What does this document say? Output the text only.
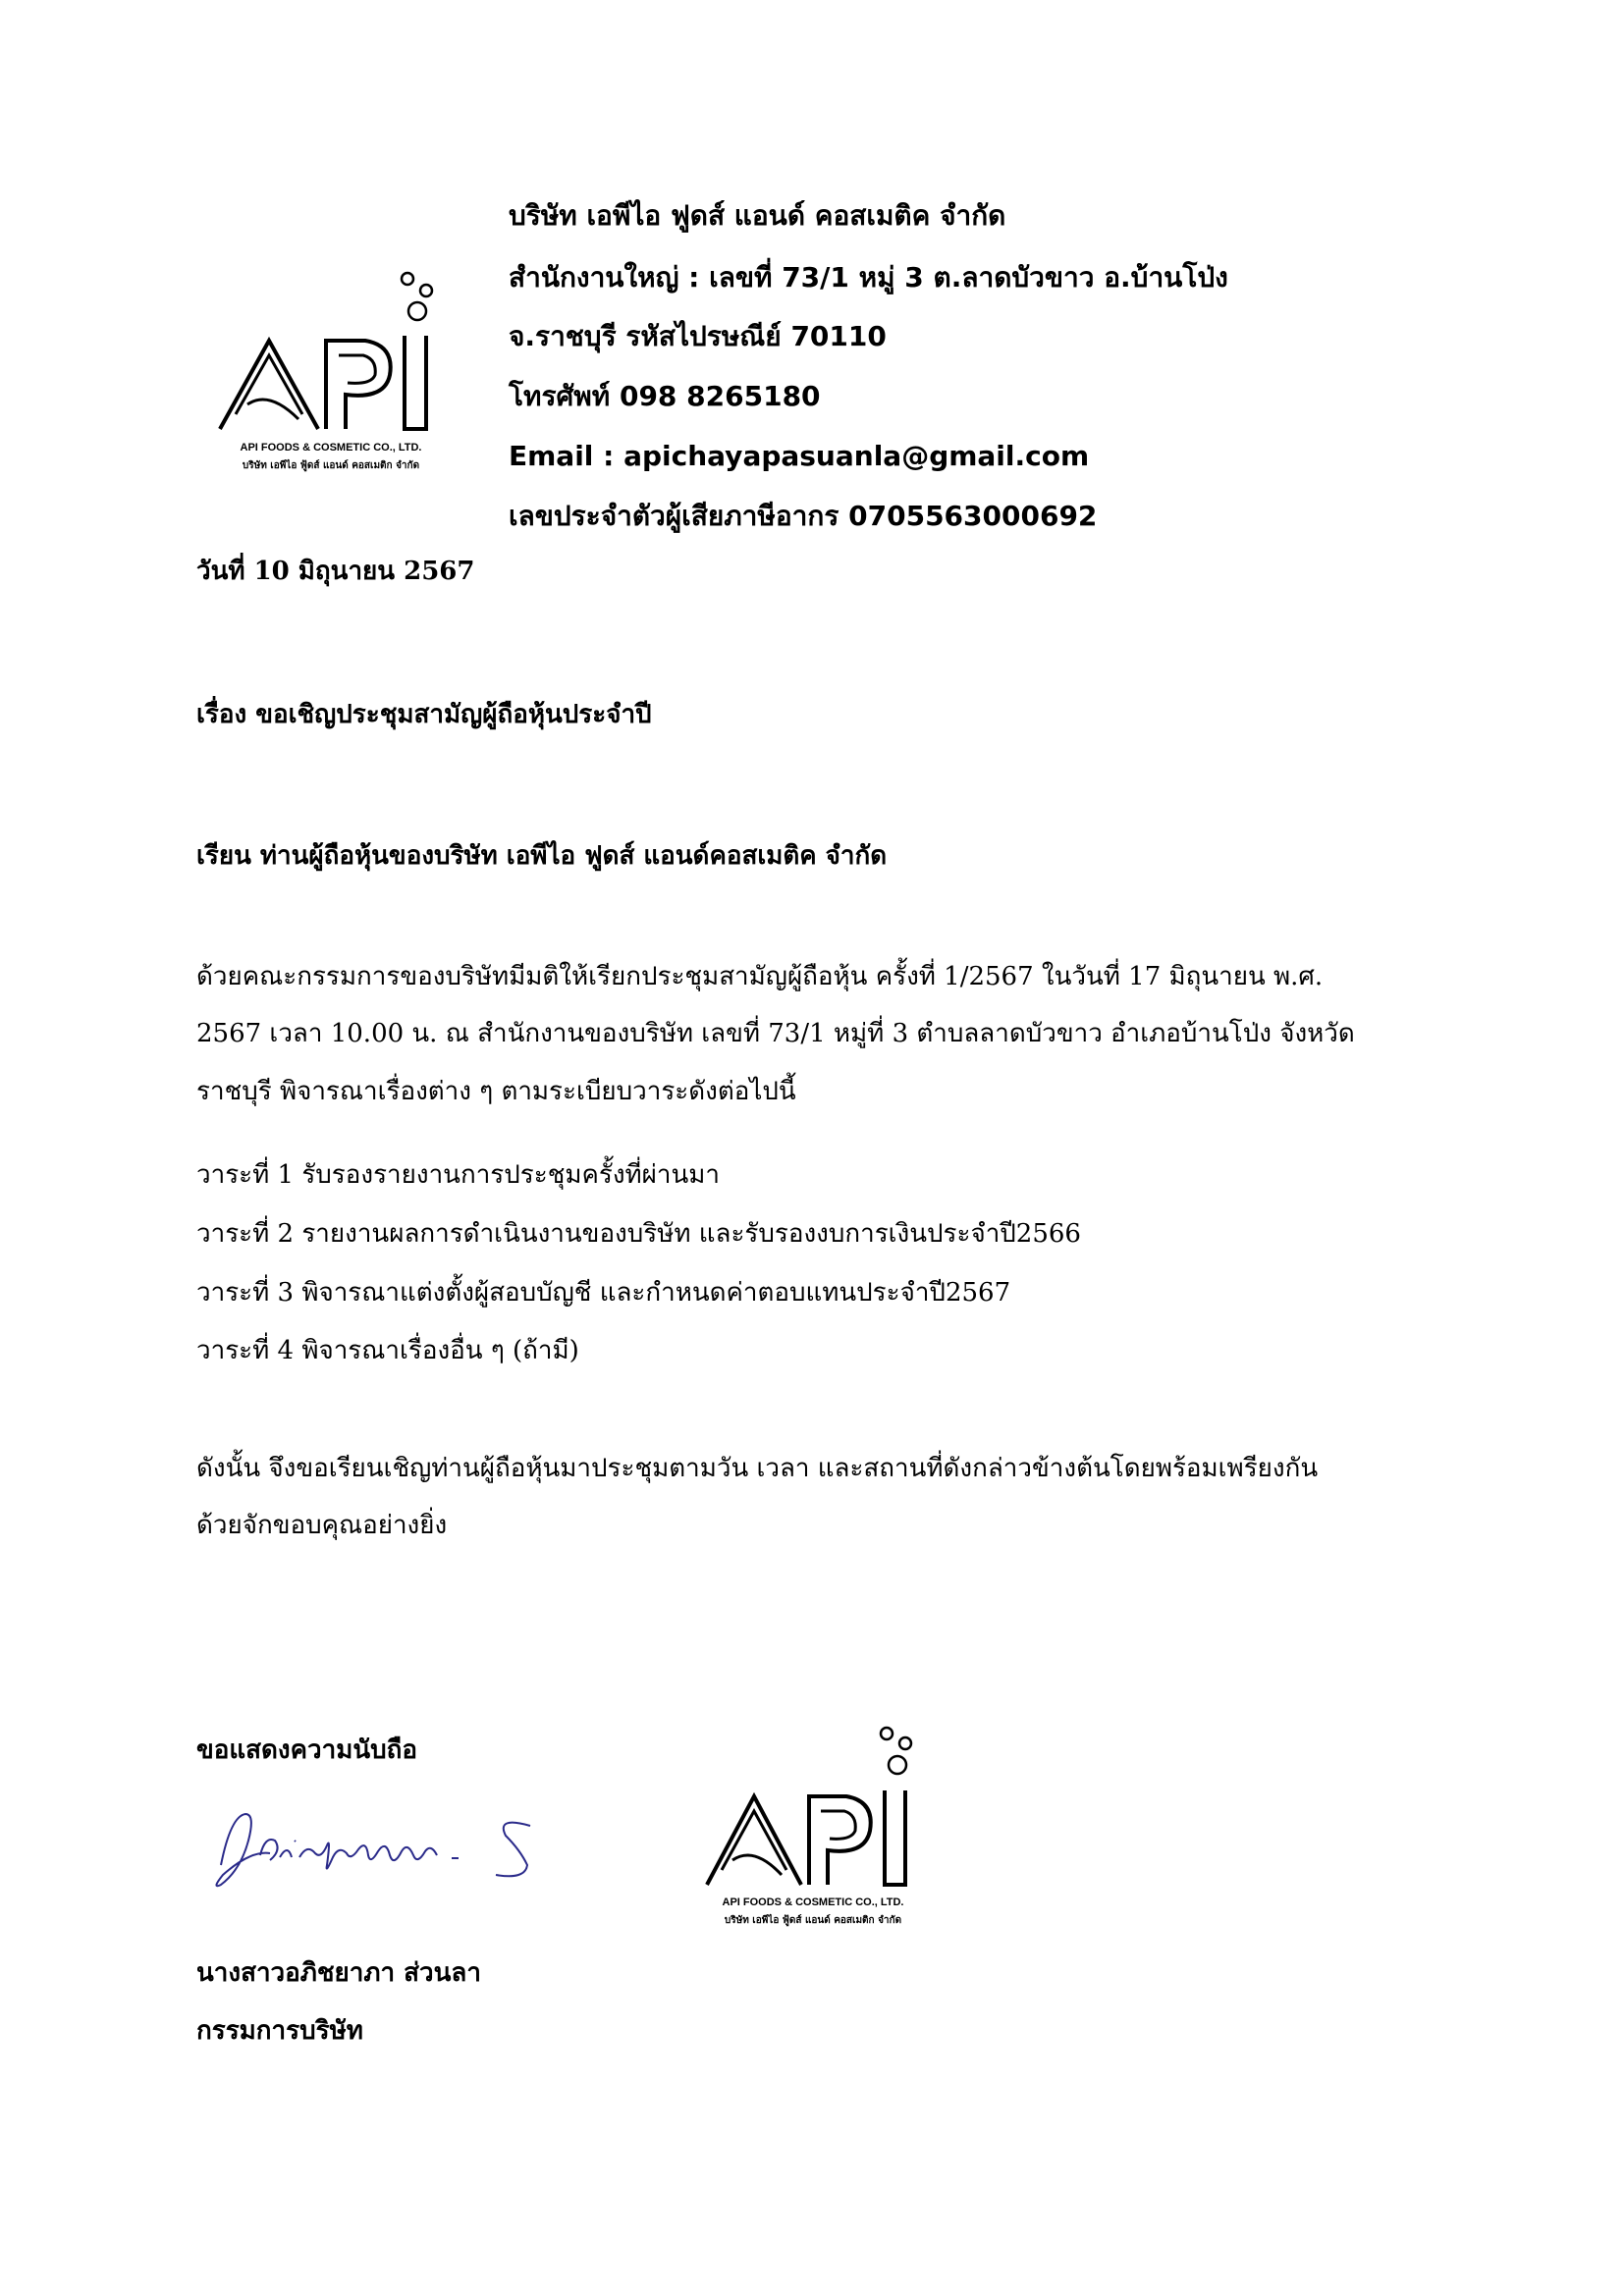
API FOODS & COSMETIC CO., LTD.
บริษัท เอพีไอ ฟู้ดส์ แอนด์ คอสเมติก จำกัด
บริษัท เอพีไอ ฟูดส์ แอนด์ คอสเมติค จำกัด
สำนักงานใหญ่ : เลขที่ 73/1 หมู่ 3 ต.ลาดบัวขาว อ.บ้านโป่ง
จ.ราชบุรี รหัสไปรษณีย์ 70110
โทรศัพท์ 098 8265180
Email : apichayapasuanla@gmail.com
เลขประจำตัวผู้เสียภาษีอากร 0705563000692
วันที่ 10 มิถุนายน 2567
เรื่อง ขอเชิญประชุมสามัญผู้ถือหุ้นประจำปี
เรียน ท่านผู้ถือหุ้นของบริษัท เอพีไอ ฟูดส์ แอนด์คอสเมติค จำกัด
ด้วยคณะกรรมการของบริษัทมีมติให้เรียกประชุมสามัญผู้ถือหุ้น ครั้งที่ 1/2567 ในวันที่ 17 มิถุนายน พ.ศ.
2567 เวลา 10.00 น. ณ สำนักงานของบริษัท เลขที่ 73/1 หมู่ที่ 3 ตำบลลาดบัวขาว อำเภอบ้านโป่ง จังหวัด
ราชบุรี พิจารณาเรื่องต่าง ๆ ตามระเบียบวาระดังต่อไปนี้
วาระที่ 1 รับรองรายงานการประชุมครั้งที่ผ่านมา
วาระที่ 2 รายงานผลการดำเนินงานของบริษัท และรับรองงบการเงินประจำปี2566
วาระที่ 3 พิจารณาแต่งตั้งผู้สอบบัญชี และกำหนดค่าตอบแทนประจำปี2567
วาระที่ 4 พิจารณาเรื่องอื่น ๆ (ถ้ามี)
ดังนั้น จึงขอเรียนเชิญท่านผู้ถือหุ้นมาประชุมตามวัน เวลา และสถานที่ดังกล่าวข้างต้นโดยพร้อมเพรียงกัน
ด้วยจักขอบคุณอย่างยิ่ง
ขอแสดงความนับถือ
API FOODS & COSMETIC CO., LTD.
บริษัท เอพีไอ ฟู้ดส์ แอนด์ คอสเมติก จำกัด
นางสาวอภิชยาภา ส่วนลา
กรรมการบริษัท
